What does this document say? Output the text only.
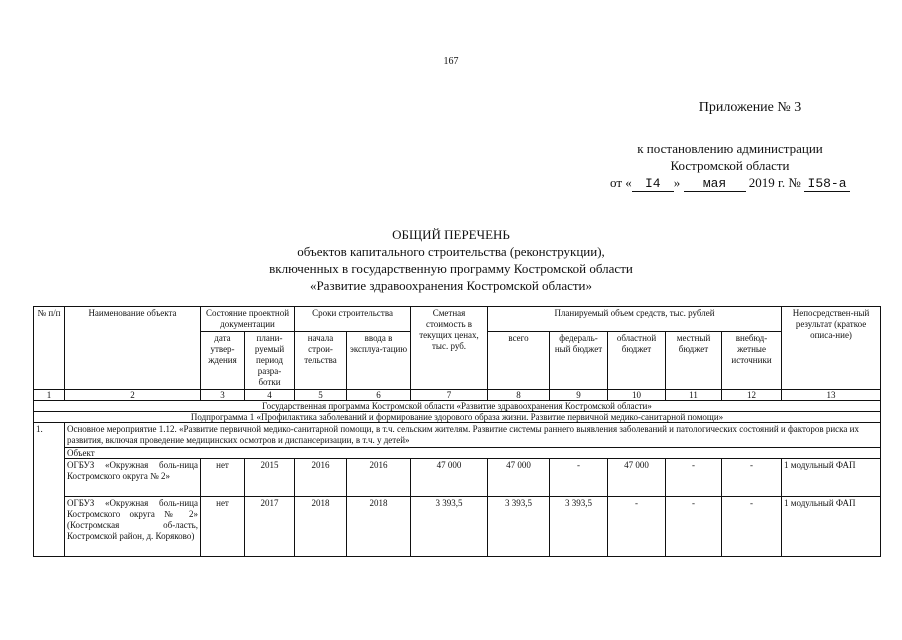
167
Приложение № 3
к постановлению администрации
Костромской области
от « I4 » мая 2019 г. № I58-а
ОБЩИЙ ПЕРЕЧЕНЬ
объектов капитального строительства (реконструкции),
включенных в государственную программу Костромской области
«Развитие здравоохранения Костромской области»
№ п/п	Наименование объекта	Состояние проектной документации		Сроки строительства		Сметная стоимость в текущих ценах, тыс. руб.	Планируемый объем средств, тыс. рублей					Непосредствен-ный результат (краткое описа-ние)
		дата утвер-ждения	плани-руемый период разра-ботки	начала строи-тельства	ввода в эксплуа-тацию		всего	федераль-ный бюджет	областной бюджет	местный бюджет	внебюд-жетные источники	
1	2	3	4	5	6	7	8	9	10	11	12	13
Государственная программа Костромской области «Развитие здравоохранения Костромской области»												
Подпрограмма 1 «Профилактика заболеваний и формирование здорового образа жизни. Развитие первичной медико-санитарной помощи»												
1.	Основное мероприятие 1.12. «Развитие первичной медико-санитарной помощи, в т.ч. сельским жителям. Развитие системы раннего выявления заболеваний и патологических состояний и факторов риска их развития, включая проведение медицинских осмотров и диспансеризации, в т.ч. у детей»											
	Объект											
	ОГБУЗ «Окружная боль-ница Костромского округа № 2»	нет	2015	2016	2016	47 000	47 000	-	47 000	-	-	1 модульный ФАП
	ОГБУЗ «Окружная боль-ница Костромского округа № 2» (Костромская об-ласть, Костромской район, д. Коряково)	нет	2017	2018	2018	3 393,5	3 393,5	3 393,5	-	-	-	1 модульный ФАП
